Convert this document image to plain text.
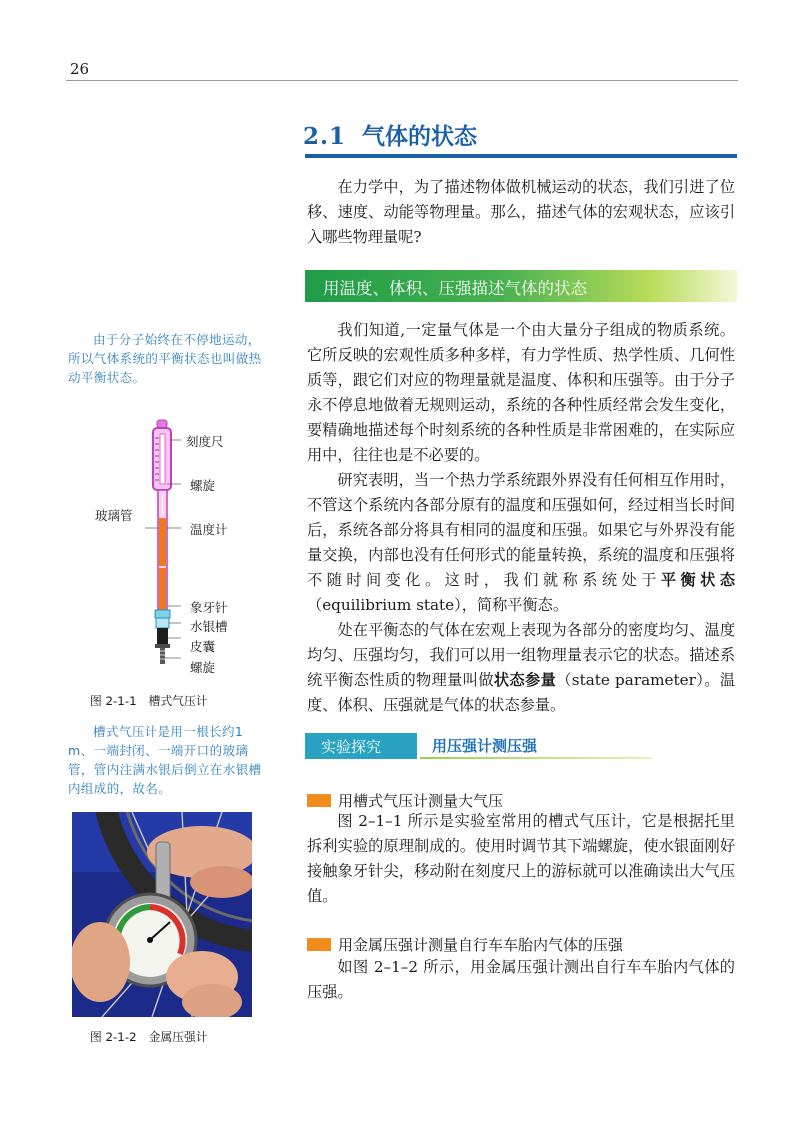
26
2.1 气体的状态

在力学中，为了描述物体做机械运动的状态，我们引进了位移、速度、动能等物理量。那么，描述气体的宏观状态，应该引入哪些物理量呢?

用温度、体积、压强描述气体的状态

我们知道,一定量气体是一个由大量分子组成的物质系统。它所反映的宏观性质多种多样，有力学性质、热学性质、几何性质等，跟它们对应的物理量就是温度、体积和压强等。由于分子永不停息地做着无规则运动，系统的各种性质经常会发生变化，要精确地描述每个时刻系统的各种性质是非常困难的，在实际应用中，往往也是不必要的。

研究表明，当一个热力学系统跟外界没有任何相互作用时，不管这个系统内各部分原有的温度和压强如何，经过相当长时间后，系统各部分将具有相同的温度和压强。如果它与外界没有能量交换，内部也没有任何形式的能量转换，系统的温度和压强将不随时间变化。这时，我们就称系统处于平衡状态（equilibrium state），简称平衡态。

处在平衡态的气体在宏观上表现为各部分的密度均匀、温度均匀、压强均匀，我们可以用一组物理量表示它的状态。描述系统平衡态性质的物理量叫做状态参量（state parameter）。温度、体积、压强就是气体的状态参量。

由于分子始终在不停地运动，所以气体系统的平衡状态也叫做热动平衡状态。

刻度尺
螺旋
玻璃管
温度计
象牙针
水银槽
皮囊
螺旋
图 2-1-1 槽式气压计

槽式气压计是用一根长约1 m、一端封闭、一端开口的玻璃管，管内注满水银后倒立在水银槽内组成的，故名。

图 2-1-2 金属压强计
实验探究	用压强计测压强
用槽式气压计测量大气压

图 2–1–1 所示是实验室常用的槽式气压计，它是根据托里拆利实验的原理制成的。使用时调节其下端螺旋，使水银面刚好接触象牙针尖，移动附在刻度尺上的游标就可以准确读出大气压值。

用金属压强计测量自行车车胎内气体的压强

如图 2–1–2 所示，用金属压强计测出自行车车胎内气体的压强。
